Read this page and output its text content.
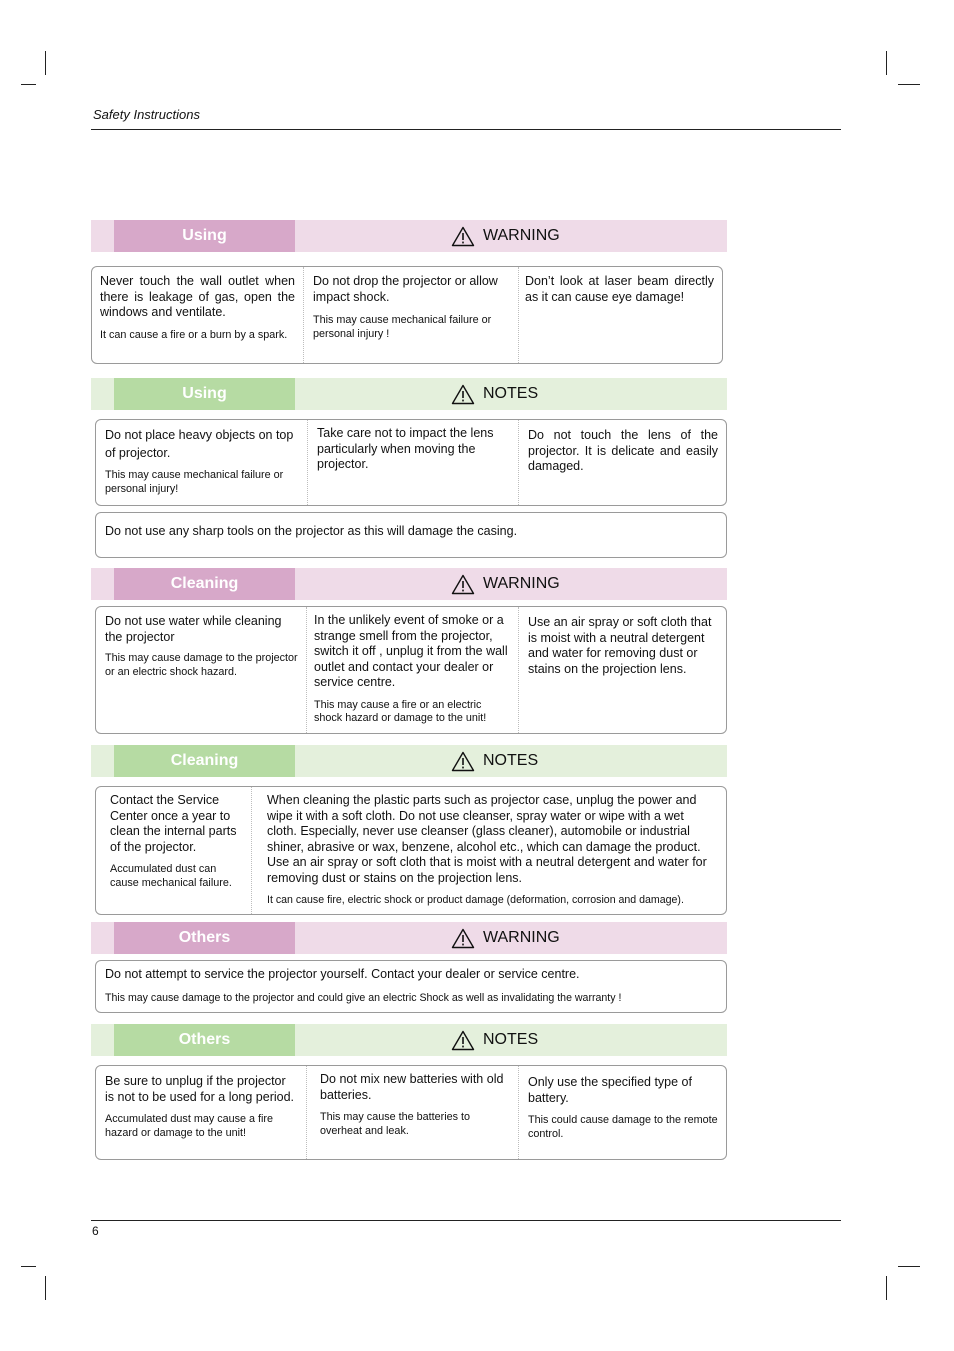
Safety Instructions
Using	WARNING

Never touch the wall outlet when there is leakage of gas, open the windows and ventilate.

It can cause a fire or a burn by a spark.

Do not drop the projector or allow impact shock.

This may cause mechanical failure or personal injury !

Don’t look at laser beam directly as it can cause eye damage!

Using	NOTES

Do not place heavy objects on top of projector.

This may cause mechanical failure or personal injury!

Take care not to impact the lens particularly when moving the projector.

Do not touch the lens of the projector. It is delicate and easily damaged.

Do not use any sharp tools on the projector as this will damage the casing.

Cleaning	WARNING

Do not use water while cleaning the projector

This may cause damage to the projector or an electric shock hazard.

In the unlikely event of smoke or a strange smell from the projector, switch it off , unplug it from the wall outlet and contact your dealer or service centre.

This may cause a fire or an electric shock hazard or damage to the unit!

Use an air spray or soft cloth that is moist with a neutral detergent and water for removing dust or stains on the projection lens.

Cleaning	NOTES

Contact the Service Center once a year to clean the internal parts of the projector.

Accumulated dust can cause mechanical failure.

When cleaning the plastic parts such as projector case, unplug the power and wipe it with a soft cloth. Do not use cleanser, spray water or wipe with a wet cloth. Especially, never use cleanser (glass cleaner), automobile or industrial shiner, abrasive or wax, benzene, alcohol etc., which can damage the product. Use an air spray or soft cloth that is moist with a neutral detergent and water for removing dust or stains on the projection lens.

It can cause fire, electric shock or product damage (deformation, corrosion and damage).

Others	WARNING

Do not attempt to service the projector yourself. Contact your dealer or service centre.

This may cause damage to the projector and could give an electric Shock as well as invalidating the warranty !

Others	NOTES

Be sure to unplug if the projector is not to be used for a long period.

Accumulated dust may cause a fire hazard or damage to the unit!

Do not mix new batteries with old batteries.

This may cause the batteries to overheat and leak.

Only use the specified type of battery.

This could cause damage to the remote control.

6
